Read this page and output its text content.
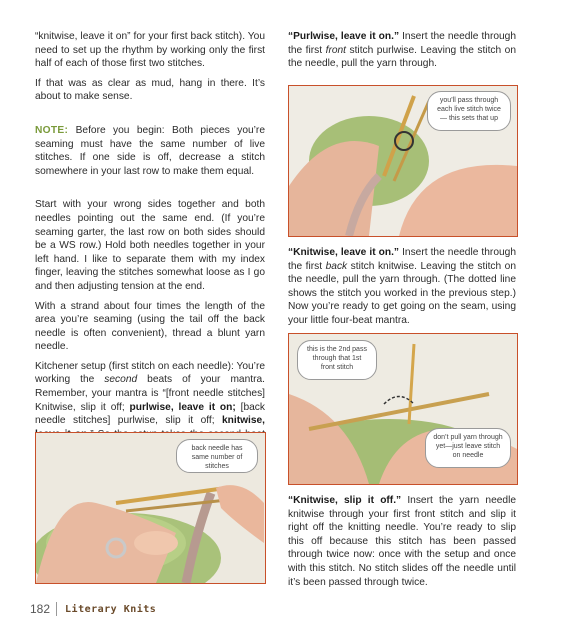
“knitwise, leave it on” for your first back stitch). You need to set up the rhythm by working only the first half of each of those first two stitches.

If that was as clear as mud, hang in there. It’s about to make sense.

NOTE: Before you begin: Both pieces you’re seaming must have the same number of live stitches. If one side is off, decrease a stitch somewhere in your last row to make them equal.

Start with your wrong sides together and both needles pointing out the same end. (If you’re seaming garter, the last row on both sides should be a WS row.) Hold both needles together in your left hand. I like to separate them with my index finger, leaving the stitches somewhat loose as I go and then adjusting tension at the end.

With a strand about four times the length of the area you’re seaming (using the tail off the back needle is often convenient), thread a blunt yarn needle.

Kitchener setup (first stitch on each needle): You’re working the second beats of your mantra. Remember, your mantra is “[front needle stitches] Knitwise, slip it off; purlwise, leave it on; [back needle stitches] purlwise, slip it off; knitwise,

back needle has same number of stitches

“Purlwise, leave it on.” Insert the needle through the first front stitch purlwise. Leaving the stitch on the needle, pull the yarn through.

you’ll pass through each live stitch twice— this sets that up

“Knitwise, leave it on.” Insert the needle through the first back stitch knitwise. Leaving the stitch on the needle, pull the yarn through. (The dotted line shows the stitch you worked in the previous step.) Now you’re ready to get going on the seam, using your little four-beat mantra.

this is the 2nd pass through that 1st front stitch
don’t pull yarn through yet—just leave stitch on needle

“Knitwise, slip it off.” Insert the yarn needle knitwise through your first front stitch and slip it right off the knitting needle. You’re ready to slip this off because this stitch has been passed through twice now: once with the setup and once with this stitch. No stitch slides off the needle until it’s been passed through twice.

182	Literary Knits
